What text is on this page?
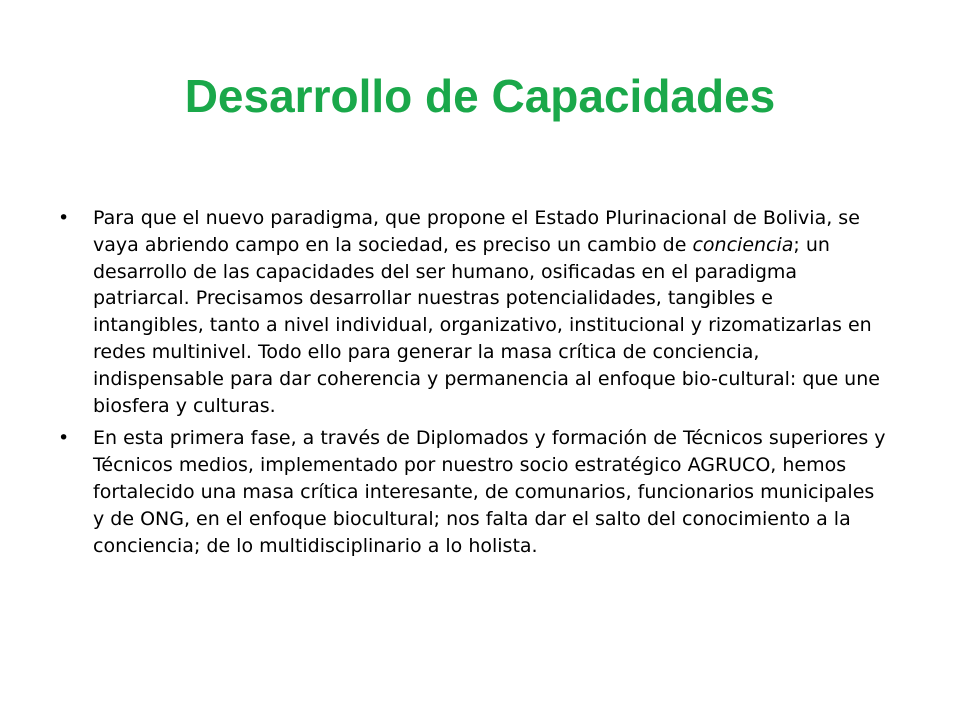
Desarrollo de Capacidades
•	Para que el nuevo paradigma, que propone el Estado Plurinacional de Bolivia, se vaya abriendo campo en la sociedad, es preciso un cambio de conciencia; un desarrollo de las capacidades del ser humano, osificadas en el paradigma patriarcal. Precisamos desarrollar nuestras potencialidades, tangibles e intangibles, tanto a nivel individual, organizativo, institucional y rizomatizarlas en redes multinivel. Todo ello para generar la masa crítica de conciencia, indispensable para dar coherencia y permanencia al enfoque bio-cultural: que une biosfera y culturas.
•	En esta primera fase, a través de Diplomados y formación de Técnicos superiores y Técnicos medios, implementado por nuestro socio estratégico AGRUCO, hemos fortalecido una masa crítica interesante, de comunarios, funcionarios municipales y de ONG, en el enfoque biocultural; nos falta dar el salto del conocimiento a la conciencia; de lo multidisciplinario a lo holista.
